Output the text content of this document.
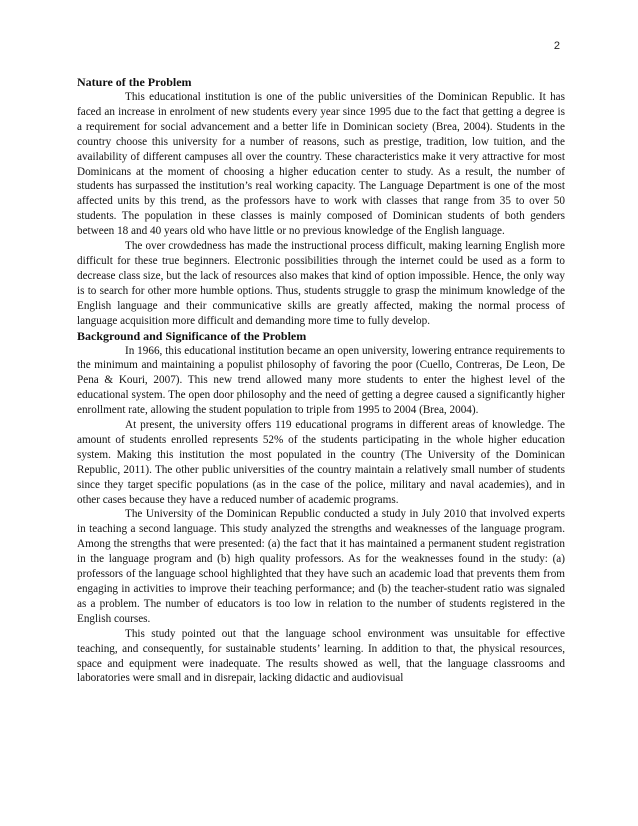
2
Nature of the Problem

This educational institution is one of the public universities of the Dominican Republic. It has faced an increase in enrolment of new students every year since 1995 due to the fact that getting a degree is a requirement for social advancement and a better life in Dominican society (Brea, 2004). Students in the country choose this university for a number of reasons, such as prestige, tradition, low tuition, and the availability of different campuses all over the country. These characteristics make it very attractive for most Dominicans at the moment of choosing a higher education center to study. As a result, the number of students has surpassed the institution’s real working capacity. The Language Department is one of the most affected units by this trend, as the professors have to work with classes that range from 35 to over 50 students. The population in these classes is mainly composed of Dominican students of both genders between 18 and 40 years old who have little or no previous knowledge of the English language.

The over crowdedness has made the instructional process difficult, making learning English more difficult for these true beginners. Electronic possibilities through the internet could be used as a form to decrease class size, but the lack of resources also makes that kind of option impossible. Hence, the only way is to search for other more humble options. Thus, students struggle to grasp the minimum knowledge of the English language and their communicative skills are greatly affected, making the normal process of language acquisition more difficult and demanding more time to fully develop.

Background and Significance of the Problem

In 1966, this educational institution became an open university, lowering entrance requirements to the minimum and maintaining a populist philosophy of favoring the poor (Cuello, Contreras, De Leon, De Pena & Kouri, 2007). This new trend allowed many more students to enter the highest level of the educational system. The open door philosophy and the need of getting a degree caused a significantly higher enrollment rate, allowing the student population to triple from 1995 to 2004 (Brea, 2004).

At present, the university offers 119 educational programs in different areas of knowledge. The amount of students enrolled represents 52% of the students participating in the whole higher education system. Making this institution the most populated in the country (The University of the Dominican Republic, 2011). The other public universities of the country maintain a relatively small number of students since they target specific populations (as in the case of the police, military and naval academies), and in other cases because they have a reduced number of academic programs.

The University of the Dominican Republic conducted a study in July 2010 that involved experts in teaching a second language. This study analyzed the strengths and weaknesses of the language program. Among the strengths that were presented: (a) the fact that it has maintained a permanent student registration in the language program and (b) high quality professors. As for the weaknesses found in the study: (a) professors of the language school highlighted that they have such an academic load that prevents them from engaging in activities to improve their teaching performance; and (b) the teacher-student ratio was signaled as a problem. The number of educators is too low in relation to the number of students registered in the English courses.

This study pointed out that the language school environment was unsuitable for effective teaching, and consequently, for sustainable students’ learning. In addition to that, the physical resources, space and equipment were inadequate. The results showed as well, that the language classrooms and laboratories were small and in disrepair, lacking didactic and audiovisual
